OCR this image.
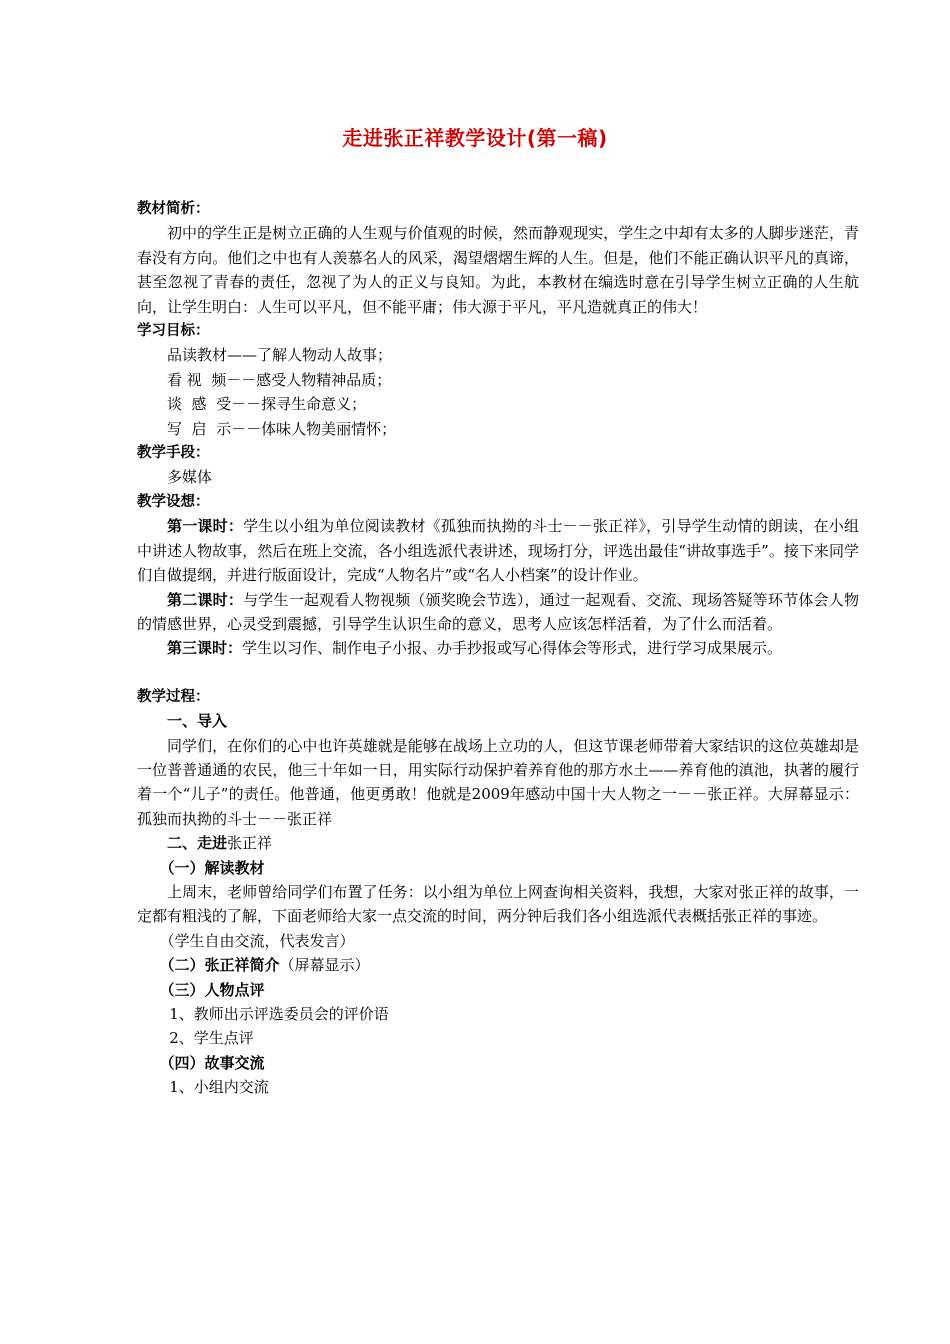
走进张正祥教学设计(第一稿)
教材简析：
初中的学生正是树立正确的人生观与价值观的时候，然而静观现实，学生之中却有太多的人脚步迷茫，青春没有方向。他们之中也有人羡慕名人的风采，渴望熠熠生辉的人生。但是，他们不能正确认识平凡的真谛，甚至忽视了青春的责任，忽视了为人的正义与良知。为此，本教材在编选时意在引导学生树立正确的人生航向，让学生明白：人生可以平凡，但不能平庸；伟大源于平凡，平凡造就真正的伟大！
学习目标：
品读教材——了解人物动人故事；
看 视  频－－感受人物精神品质；
谈  感  受－－探寻生命意义；
写  启  示－－体味人物美丽情怀；
教学手段：
多媒体
教学设想：
第一课时：学生以小组为单位阅读教材《孤独而执拗的斗士－－张正祥》，引导学生动情的朗读，在小组中讲述人物故事，然后在班上交流，各小组选派代表讲述，现场打分，评选出最佳“讲故事选手”。接下来同学们自做提纲，并进行版面设计，完成“人物名片”或“名人小档案”的设计作业。
第二课时：与学生一起观看人物视频（颁奖晚会节选），通过一起观看、交流、现场答疑等环节体会人物的情感世界，心灵受到震撼，引导学生认识生命的意义，思考人应该怎样活着，为了什么而活着。
第三课时：学生以习作、制作电子小报、办手抄报或写心得体会等形式，进行学习成果展示。
教学过程：
一、导入
同学们，在你们的心中也许英雄就是能够在战场上立功的人，但这节课老师带着大家结识的这位英雄却是一位普普通通的农民，他三十年如一日，用实际行动保护着养育他的那方水土——养育他的滇池，执著的履行着一个“儿子”的责任。他普通，他更勇敢！他就是2009年感动中国十大人物之一－－张正祥。大屏幕显示：孤独而执拗的斗士－－张正祥
二、走进张正祥
（一）解读教材
上周末，老师曾给同学们布置了任务：以小组为单位上网查询相关资料，我想，大家对张正祥的故事，一定都有粗浅的了解，下面老师给大家一点交流的时间，两分钟后我们各小组选派代表概括张正祥的事迹。
（学生自由交流，代表发言）
（二）张正祥简介（屏幕显示）
（三）人物点评
1、教师出示评选委员会的评价语
2、学生点评
（四）故事交流
1、小组内交流
